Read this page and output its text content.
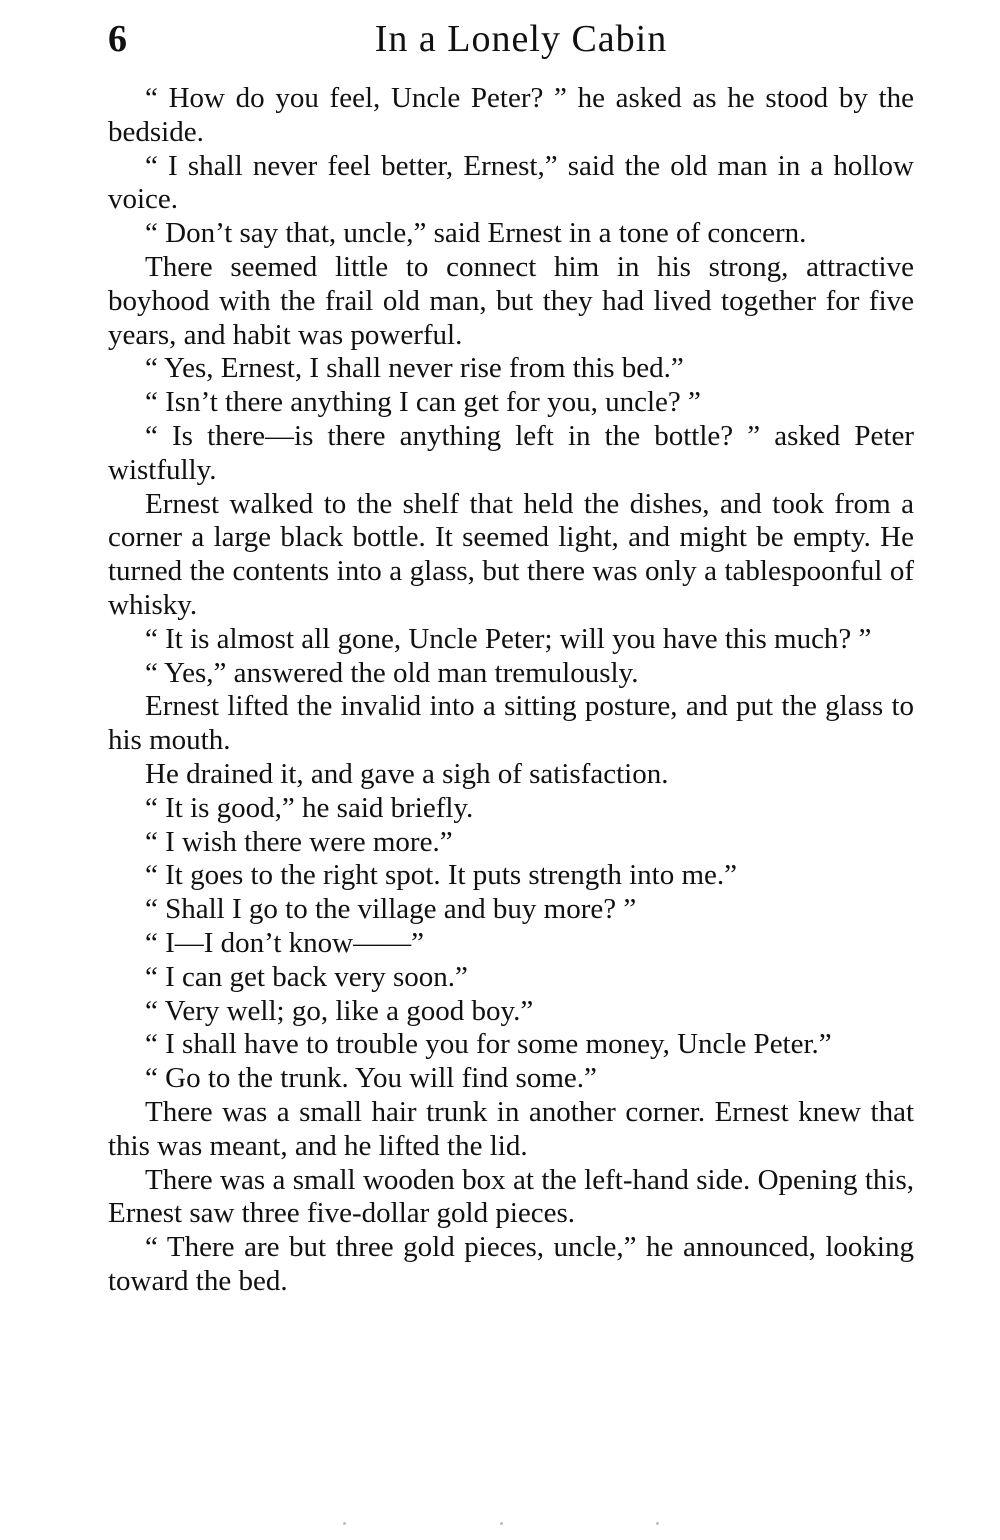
6	In a Lonely Cabin

“ How do you feel, Uncle Peter? ” he asked as he stood by the bedside.

“ I shall never feel better, Ernest,” said the old man in a hollow voice.

“ Don’t say that, uncle,” said Ernest in a tone of concern.

There seemed little to connect him in his strong, attractive boyhood with the frail old man, but they had lived together for five years, and habit was powerful.

“ Yes, Ernest, I shall never rise from this bed.”

“ Isn’t there anything I can get for you, uncle? ”

“ Is there—is there anything left in the bottle? ” asked Peter wistfully.

Ernest walked to the shelf that held the dishes, and took from a corner a large black bottle. It seemed light, and might be empty. He turned the contents into a glass, but there was only a tablespoonful of whisky.

“ It is almost all gone, Uncle Peter; will you have this much? ”

“ Yes,” answered the old man tremulously.

Ernest lifted the invalid into a sitting posture, and put the glass to his mouth.

He drained it, and gave a sigh of satisfaction.

“ It is good,” he said briefly.

“ I wish there were more.”

“ It goes to the right spot. It puts strength into me.”

“ Shall I go to the village and buy more? ”

“ I—I don’t know——”

“ I can get back very soon.”

“ Very well; go, like a good boy.”

“ I shall have to trouble you for some money, Uncle Peter.”

“ Go to the trunk. You will find some.”

There was a small hair trunk in another corner. Ernest knew that this was meant, and he lifted the lid.

There was a small wooden box at the left-hand side. Opening this, Ernest saw three five-dollar gold pieces.

“ There are but three gold pieces, uncle,” he announced, looking toward the bed.
